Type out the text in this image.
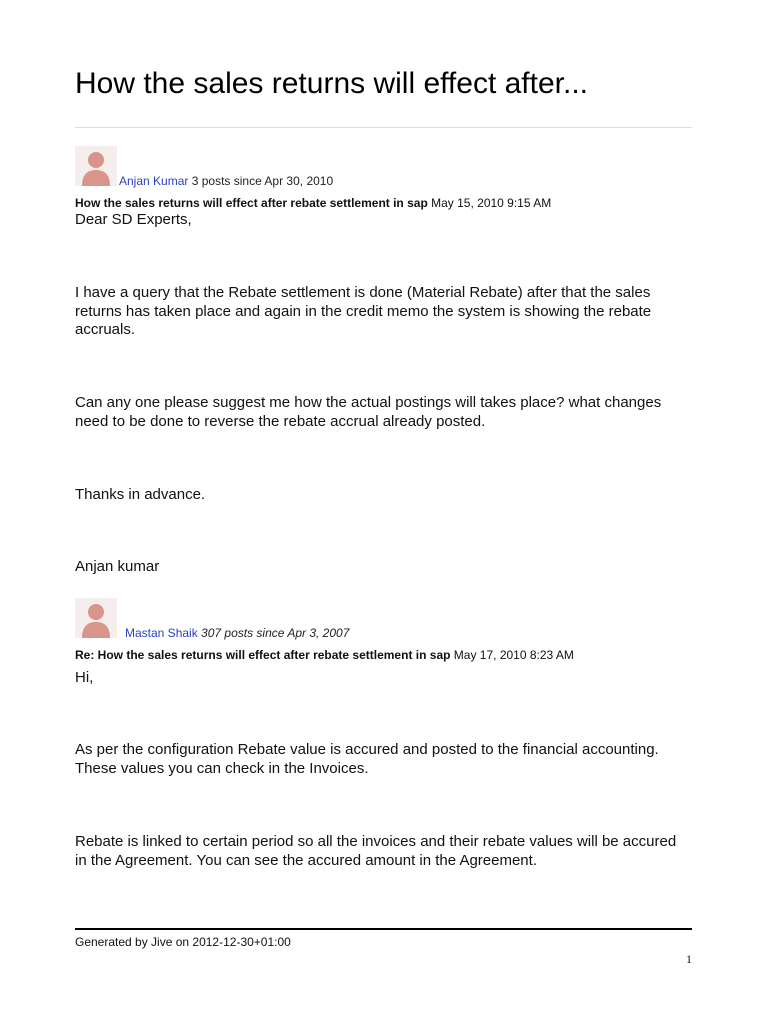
How the sales returns will effect after...
Anjan Kumar 3 posts since Apr 30, 2010
How the sales returns will effect after rebate settlement in sap May 15, 2010 9:15 AM

Dear SD Experts,

I have a query that the Rebate settlement is done (Material Rebate) after that the sales returns has taken place and again in the credit memo the system is showing the rebate accruals.

Can any one please suggest me how the actual postings will takes place? what changes need to be done to reverse the rebate accrual already posted.

Thanks in advance.

Anjan kumar

Mastan Shaik 307 posts since Apr 3, 2007
Re: How the sales returns will effect after rebate settlement in sap May 17, 2010 8:23 AM

Hi,

As per the configuration Rebate value is accured and posted to the financial accounting. These values you can check in the Invoices.

Rebate is linked to certain period so all the invoices and their rebate values will be accured in the Agreement. You can see the accured amount in the Agreement.

Generated by Jive on 2012-12-30+01:00
1
